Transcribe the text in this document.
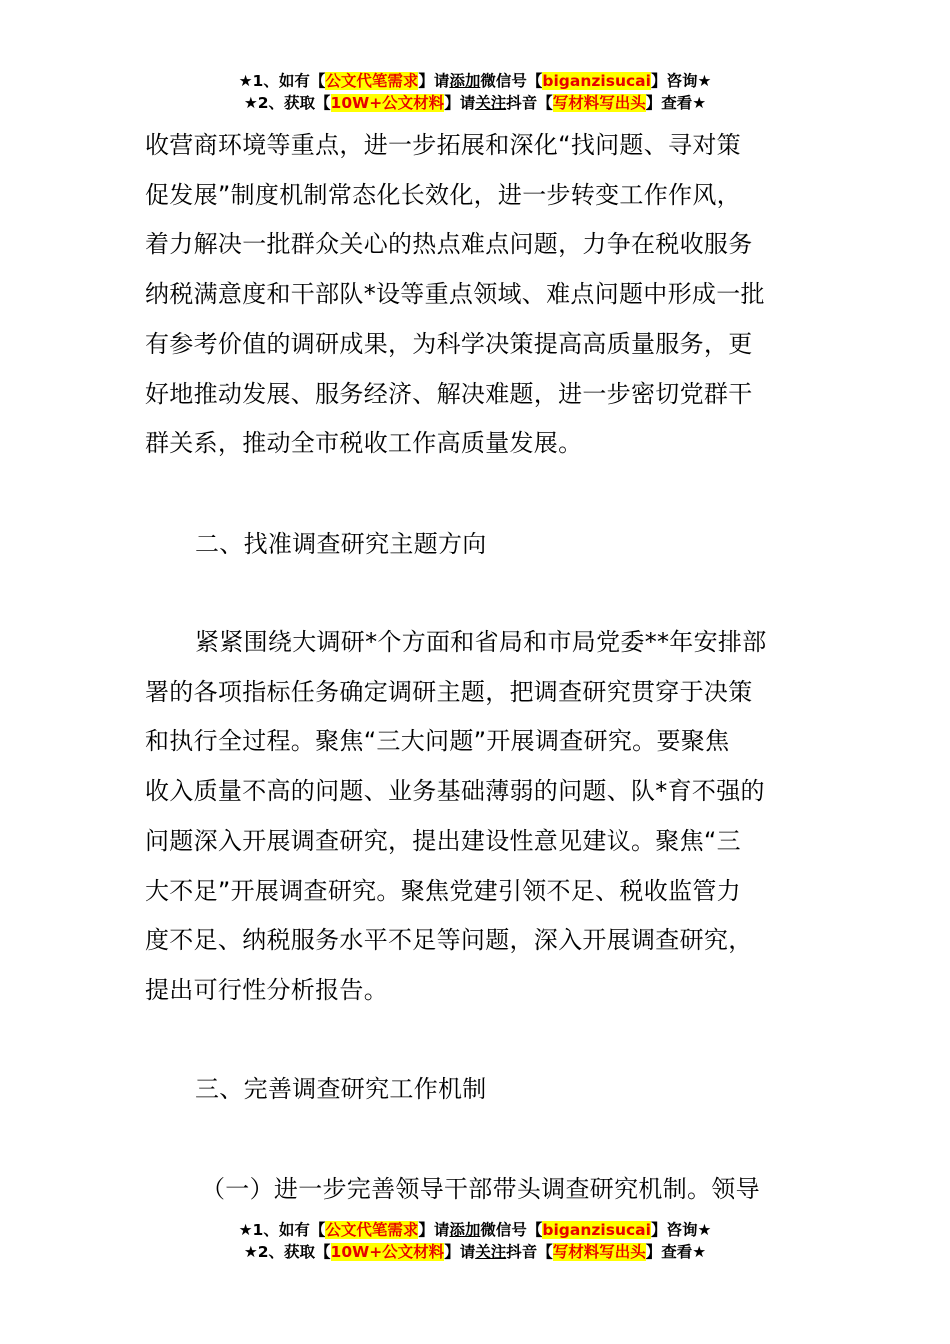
★1、如有【公文代笔需求】请添加微信号【biganzisucai】咨询★
★2、获取【10W+公文材料】请关注抖音【写材料写出头】查看★

收营商环境等重点，进一步拓展和深化“找问题、寻对策

促发展”制度机制常态化长效化，进一步转变工作作风，

着力解决一批群众关心的热点难点问题，力争在税收服务

纳税满意度和干部队*设等重点领域、难点问题中形成一批

有参考价值的调研成果，为科学决策提高高质量服务，更

好地推动发展、服务经济、解决难题，进一步密切党群干

群关系，推动全市税收工作高质量发展。

二、找准调查研究主题方向

紧紧围绕大调研*个方面和省局和市局党委**年安排部

署的各项指标任务确定调研主题，把调查研究贯穿于决策

和执行全过程。聚焦“三大问题”开展调查研究。要聚焦

收入质量不高的问题、业务基础薄弱的问题、队*育不强的

问题深入开展调查研究，提出建设性意见建议。聚焦“三

大不足”开展调查研究。聚焦党建引领不足、税收监管力

度不足、纳税服务水平不足等问题，深入开展调查研究，

提出可行性分析报告。

三、完善调查研究工作机制

（一）进一步完善领导干部带头调查研究机制。领导

★1、如有【公文代笔需求】请添加微信号【biganzisucai】咨询★
★2、获取【10W+公文材料】请关注抖音【写材料写出头】查看★
